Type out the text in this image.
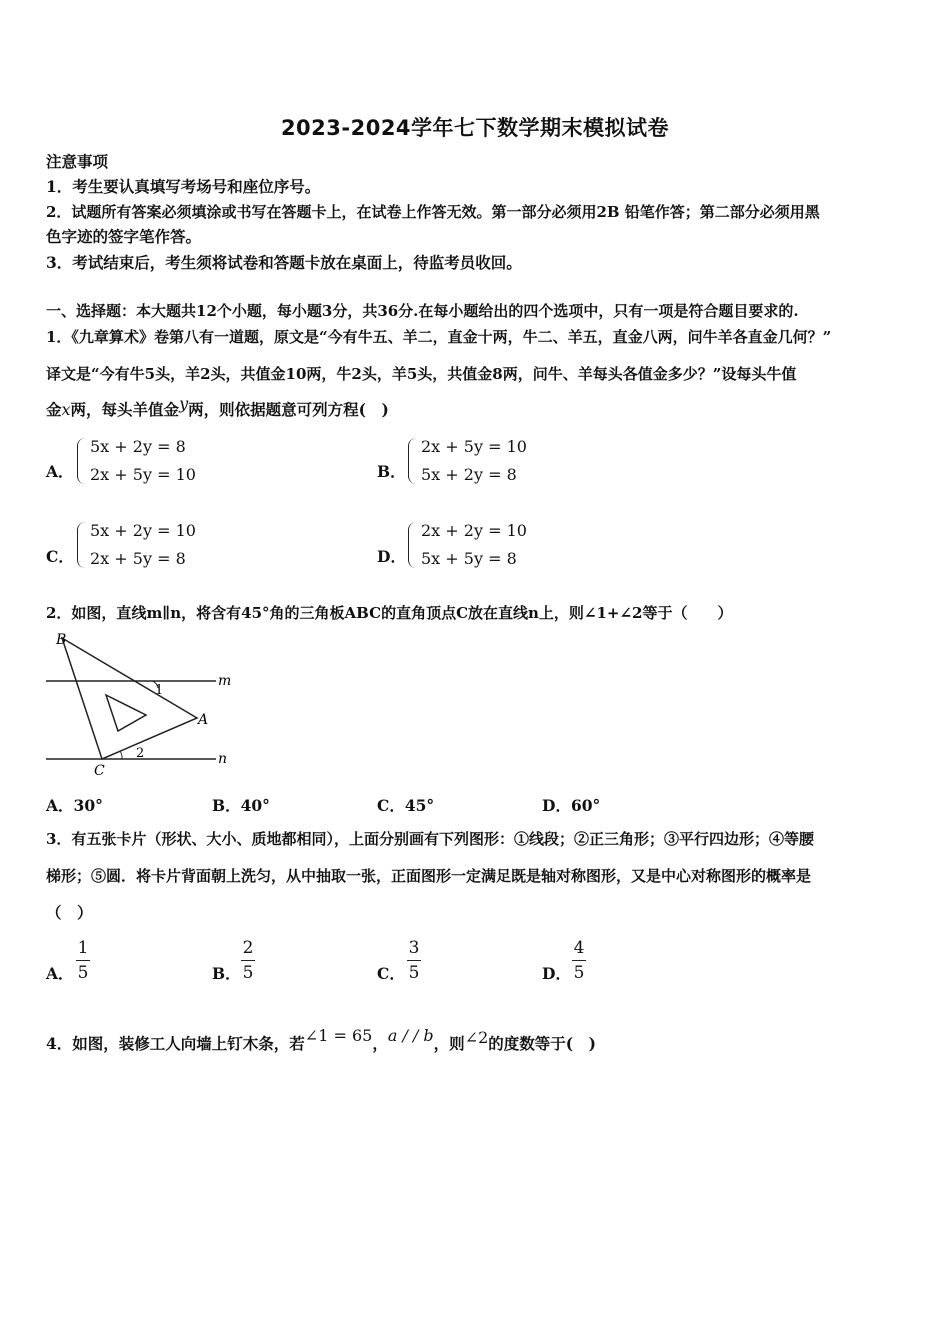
2023-2024学年七下数学期末模拟试卷
注意事项
1．考生要认真填写考场号和座位序号。
2．试题所有答案必须填涂或书写在答题卡上，在试卷上作答无效。第一部分必须用2B 铅笔作答；第二部分必须用黑
色字迹的签字笔作答。
3．考试结束后，考生须将试卷和答题卡放在桌面上，待监考员收回。
一、选择题：本大题共12个小题，每小题3分，共36分.在每小题给出的四个选项中，只有一项是符合题目要求的.
1．《九章算术》卷第八有一道题，原文是“今有牛五、羊二，直金十两，牛二、羊五，直金八两，问牛羊各直金几何？”
译文是“今有牛5头，羊2头，共值金10两，牛2头，羊5头，共值金8两，问牛、羊每头各值金多少？”设每头牛值
金x两，每头羊值金y两，则依据题意可列方程(　)
A．
5x + 2y = 8
2x + 5y = 10	B．
2x + 5y = 10
5x + 2y = 8
C．
5x + 2y = 10
2x + 5y = 8	D．
2x + 2y = 10
5x + 5y = 8
2．如图，直线m∥n，将含有45°角的三角板ABC的直角顶点C放在直线n上，则∠1+∠2等于（　　）
B
A
C
m
n
1
2
A．30°	B．40°	C．45°	D．60°
3．有五张卡片（形状、大小、质地都相同），上面分别画有下列图形：①线段；②正三角形；③平行四边形；④等腰
梯形；⑤圆．将卡片背面朝上洗匀，从中抽取一张，正面图形一定满足既是轴对称图形，又是中心对称图形的概率是
（　）
A．
1
5	B．
2
5	C．
3
5	D．
4
5
4．如图，装修工人向墙上钉木条，若∠1 = 65，a / / b，则∠2的度数等于(　)
